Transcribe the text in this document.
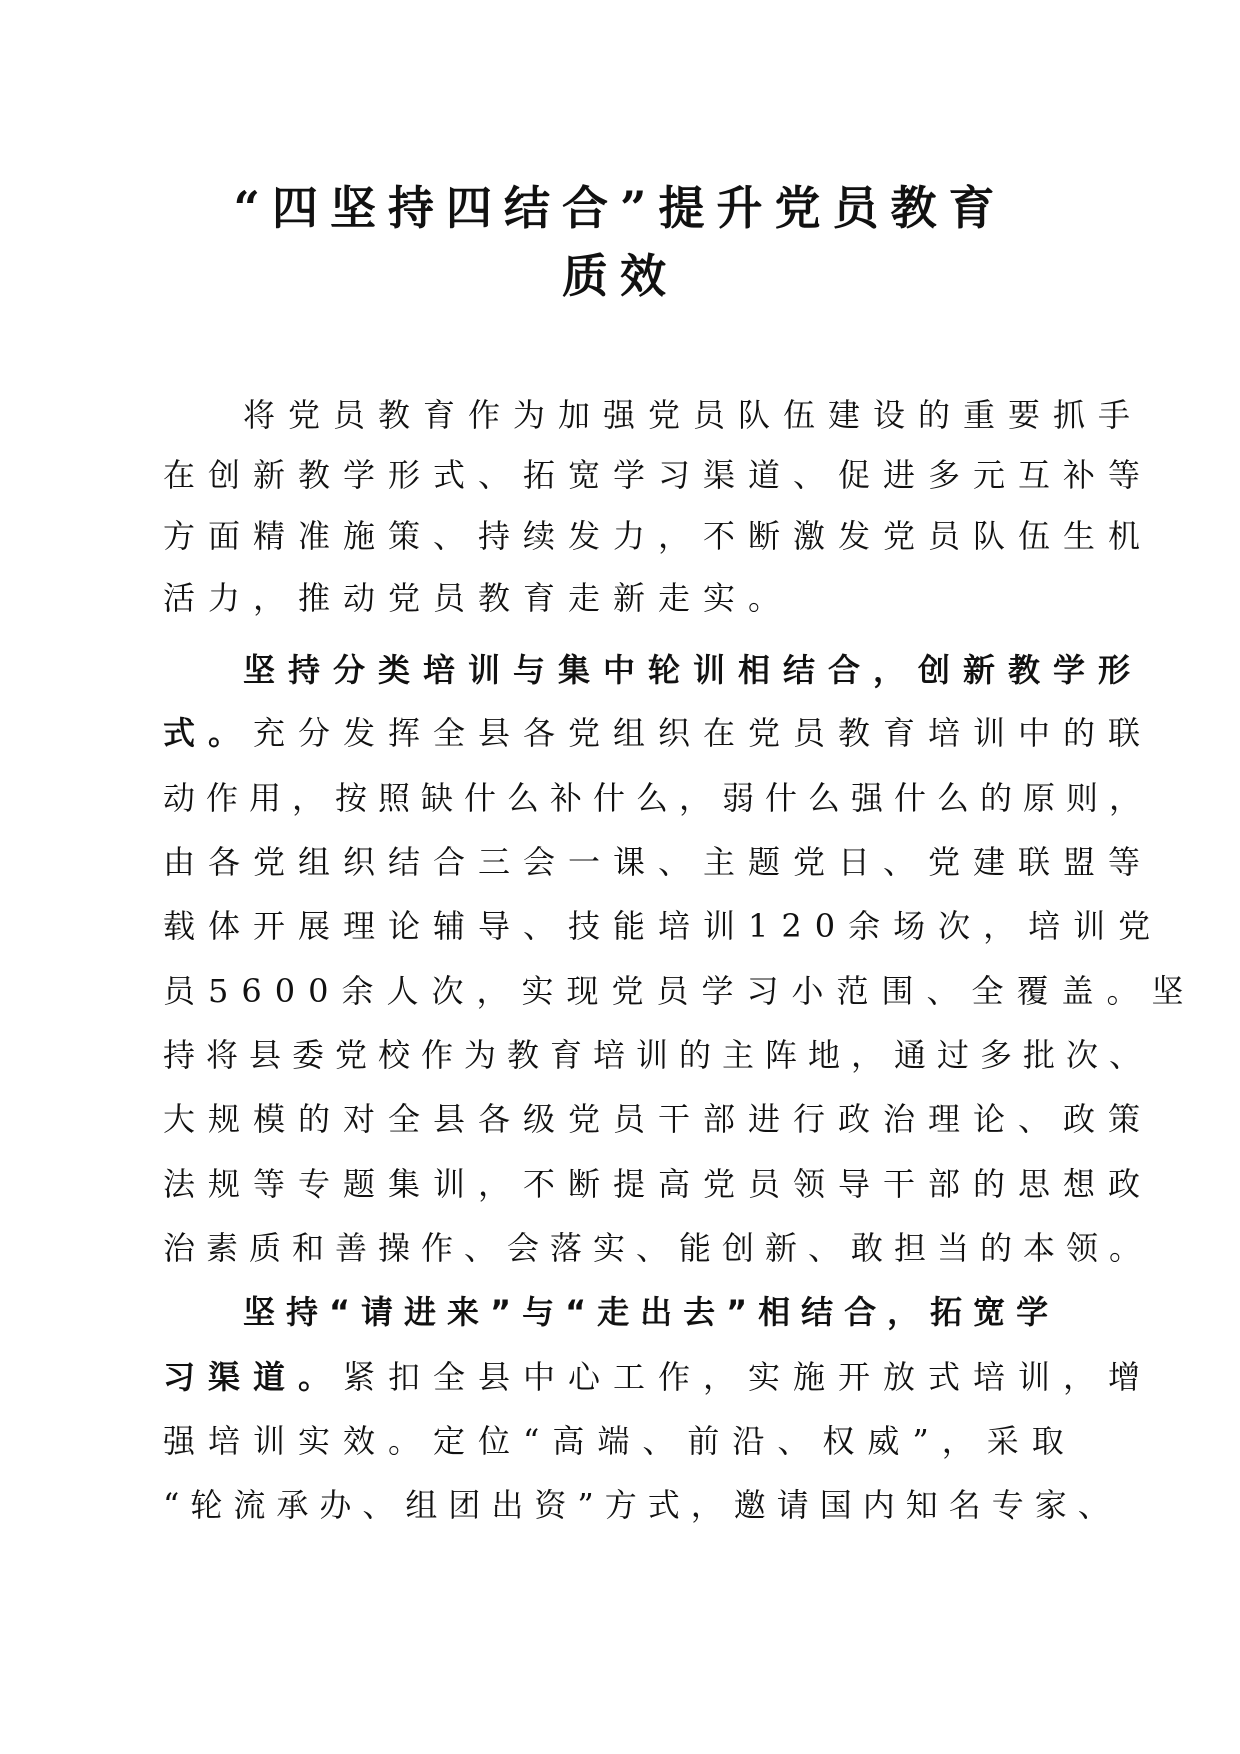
“四坚持四结合”提升党员教育
质效
将党员教育作为加强党员队伍建设的重要抓手
在创新教学形式、拓宽学习渠道、促进多元互补等
方面精准施策、持续发力，不断激发党员队伍生机
活力，推动党员教育走新走实。
坚持分类培训与集中轮训相结合，创新教学形
式。充分发挥全县各党组织在党员教育培训中的联
动作用，按照缺什么补什么，弱什么强什么的原则，
由各党组织结合三会一课、主题党日、党建联盟等
载体开展理论辅导、技能培训120余场次，培训党
员5600余人次，实现党员学习小范围、全覆盖。坚
持将县委党校作为教育培训的主阵地，通过多批次、
大规模的对全县各级党员干部进行政治理论、政策
法规等专题集训，不断提高党员领导干部的思想政
治素质和善操作、会落实、能创新、敢担当的本领。
坚持“请进来”与“走出去”相结合，拓宽学
习渠道。紧扣全县中心工作，实施开放式培训，增
强培训实效。定位“高端、前沿、权威”，采取
“轮流承办、组团出资”方式，邀请国内知名专家、
